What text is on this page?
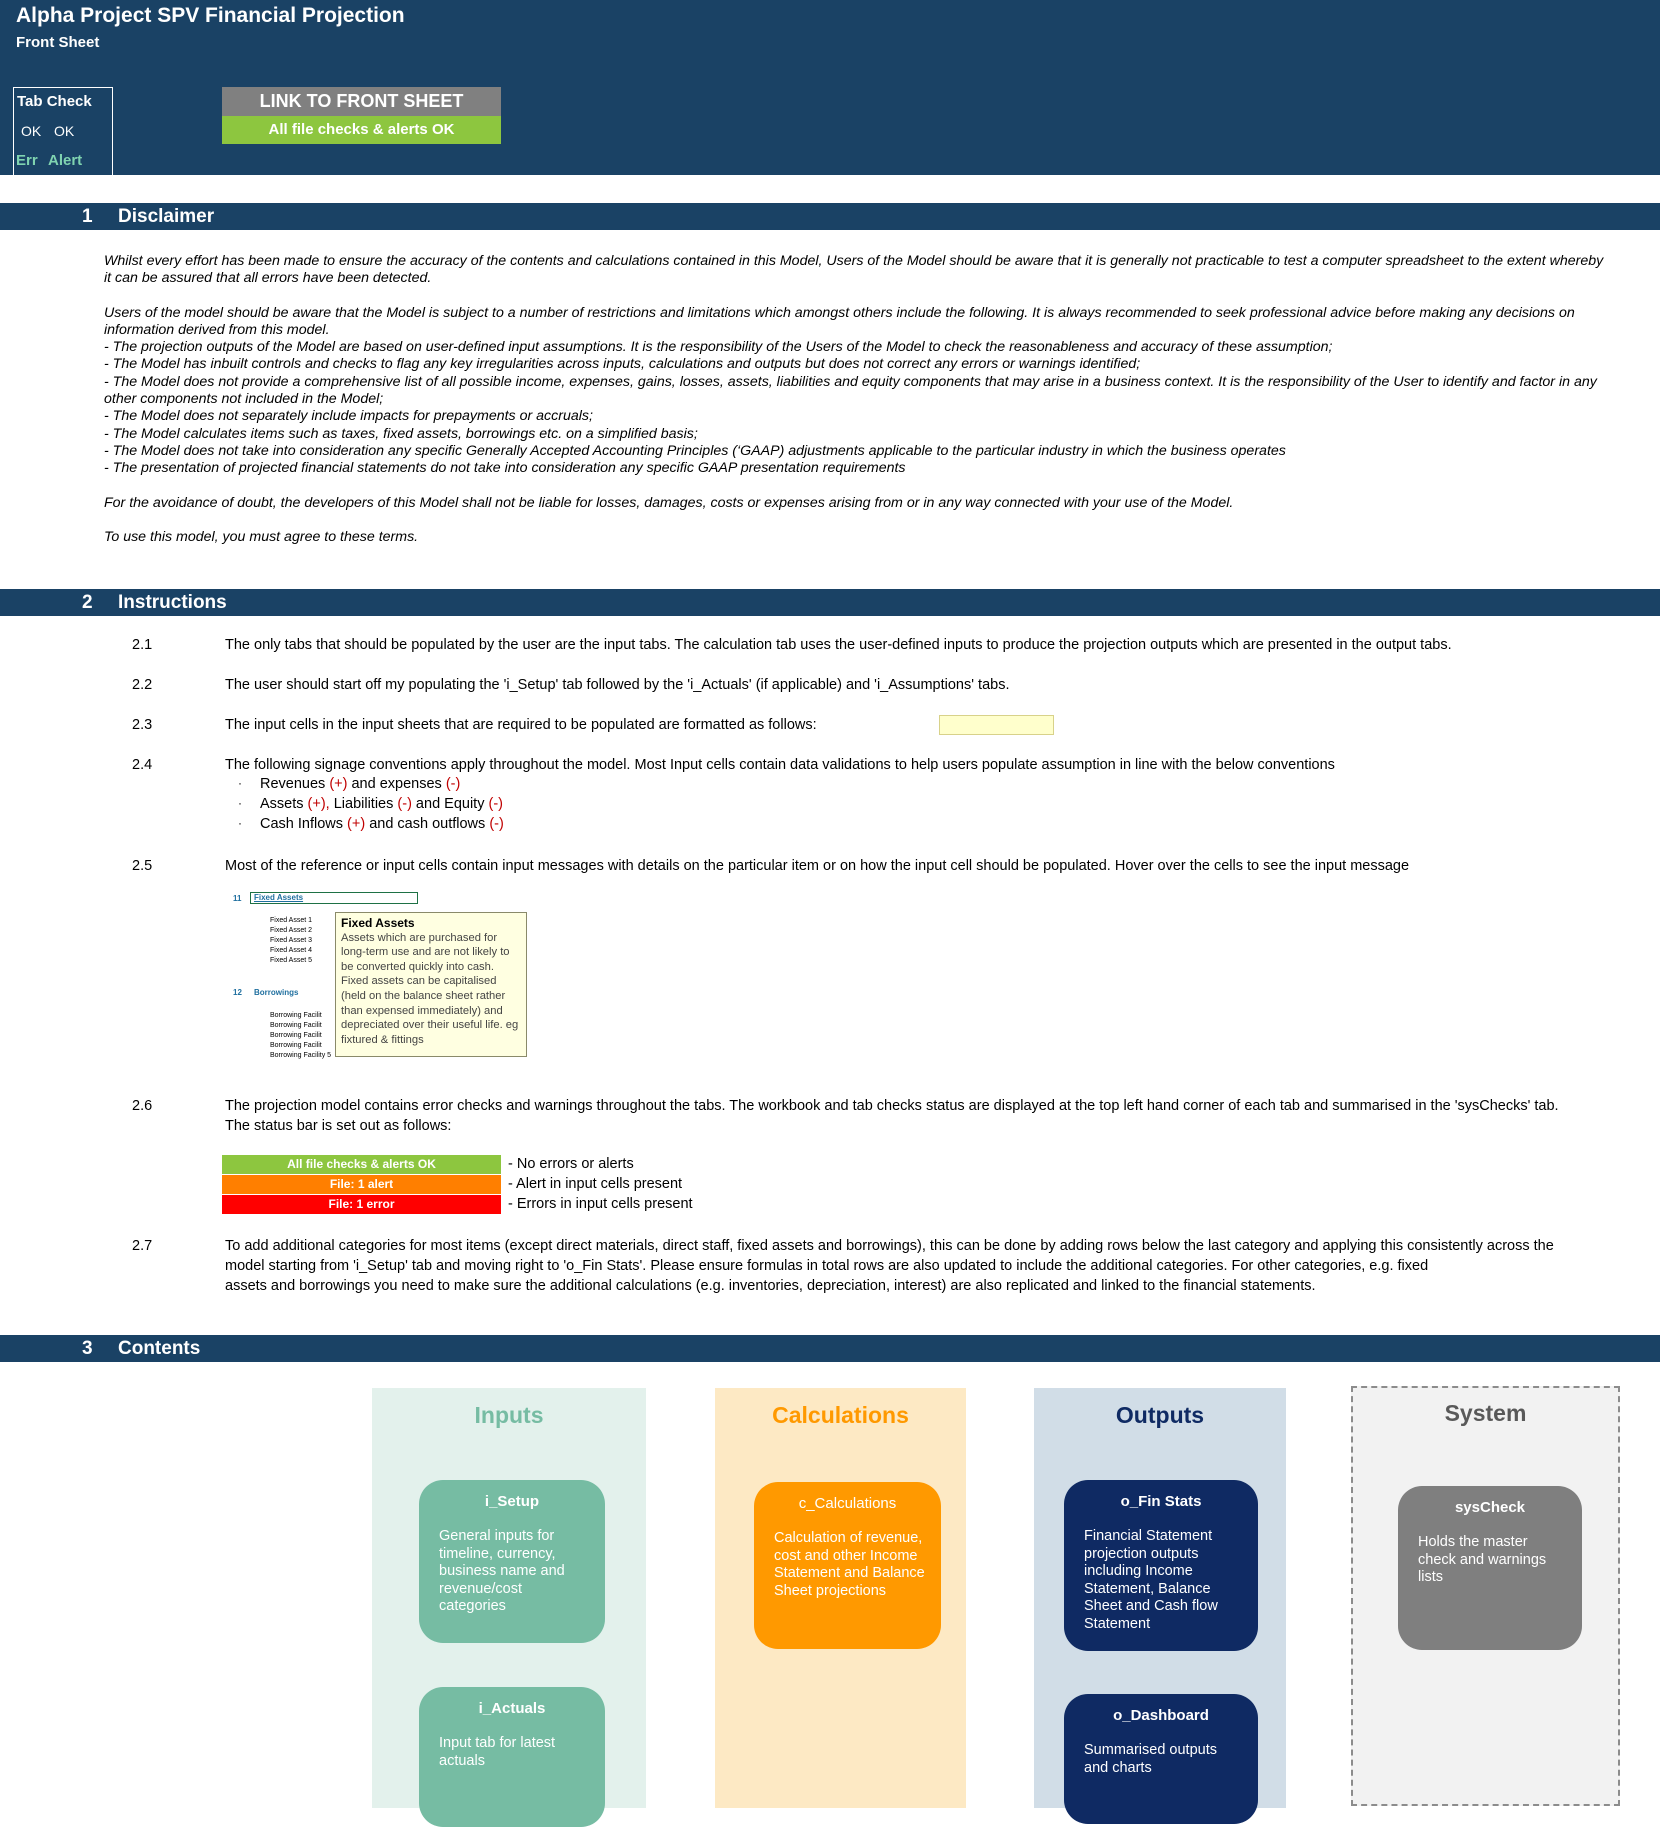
Alpha Project SPV Financial Projection
Front Sheet
Tab Check
OK OK
Err Alert
LINK TO FRONT SHEET
All file checks & alerts OK
1 Disclaimer

Whilst every effort has been made to ensure the accuracy of the contents and calculations contained in this Model, Users of the Model should be aware that it is generally not practicable to test a computer spreadsheet to the extent whereby it can be assured that all errors have been detected.

Users of the model should be aware that the Model is subject to a number of restrictions and limitations which amongst others include the following. It is always recommended to seek professional advice before making any decisions on information derived from this model.

- The projection outputs of the Model are based on user-defined input assumptions. It is the responsibility of the Users of the Model to check the reasonableness and accuracy of these assumption;

- The Model has inbuilt controls and checks to flag any key irregularities across inputs, calculations and outputs but does not correct any errors or warnings identified;

- The Model does not provide a comprehensive list of all possible income, expenses, gains, losses, assets, liabilities and equity components that may arise in a business context. It is the responsibility of the User to identify and factor in any other components not included in the Model;

- The Model does not separately include impacts for prepayments or accruals;

- The Model calculates items such as taxes, fixed assets, borrowings etc. on a simplified basis;

- The Model does not take into consideration any specific Generally Accepted Accounting Principles (‘GAAP) adjustments applicable to the particular industry in which the business operates

- The presentation of projected financial statements do not take into consideration any specific GAAP presentation requirements

For the avoidance of doubt, the developers of this Model shall not be liable for losses, damages, costs or expenses arising from or in any way connected with your use of the Model.

To use this model, you must agree to these terms.

2 Instructions
2.1	The only tabs that should be populated by the user are the input tabs. The calculation tab uses the user-defined inputs to produce the projection outputs which are presented in the output tabs.
2.2	The user should start off my populating the 'i_Setup' tab followed by the 'i_Actuals' (if applicable) and 'i_Assumptions' tabs.
2.3	The input cells in the input sheets that are required to be populated are formatted as follows:
2.4	The following signage conventions apply throughout the model. Most Input cells contain data validations to help users populate assumption in line with the below conventions
· Revenues (+) and expenses (-)
· Assets (+), Liabilities (-) and Equity (-)
· Cash Inflows (+) and cash outflows (-)
2.5	Most of the reference or input cells contain input messages with details on the particular item or on how the input cell should be populated. Hover over the cells to see the input message
11 Fixed Assets
Fixed Asset 1
Fixed Asset 2
Fixed Asset 3
Fixed Asset 4
Fixed Asset 5
12 Borrowings
Borrowing Facilit
Borrowing Facilit
Borrowing Facilit
Borrowing Facilit
Borrowing Facility 5
Fixed Assets
Assets which are purchased for long-term use and are not likely to be converted quickly into cash. Fixed assets can be capitalised (held on the balance sheet rather than expensed immediately) and depreciated over their useful life. eg fixtured & fittings
2.6	The projection model contains error checks and warnings throughout the tabs. The workbook and tab checks status are displayed at the top left hand corner of each tab and summarised in the 'sysChecks' tab. The status bar is set out as follows:
All file checks & alerts OK	- No errors or alerts
File: 1 alert	- Alert in input cells present
File: 1 error	- Errors in input cells present
2.7	To add additional categories for most items (except direct materials, direct staff, fixed assets and borrowings), this can be done by adding rows below the last category and applying this consistently across the
model starting from 'i_Setup' tab and moving right to 'o_Fin Stats'. Please ensure formulas in total rows are also updated to include the additional categories. For other categories, e.g. fixed
assets and borrowings you need to make sure the additional calculations (e.g. inventories, depreciation, interest) are also replicated and linked to the financial statements.
3 Contents
Inputs
i_Setup
General inputs for timeline, currency, business name and revenue/cost categories
i_Actuals
Input tab for latest actuals
Calculations
c_Calculations
Calculation of revenue, cost and other Income Statement and Balance Sheet projections
Outputs
o_Fin Stats
Financial Statement projection outputs including Income Statement, Balance Sheet and Cash flow Statement
o_Dashboard
Summarised outputs and charts
System
sysCheck
Holds the master check and warnings lists
